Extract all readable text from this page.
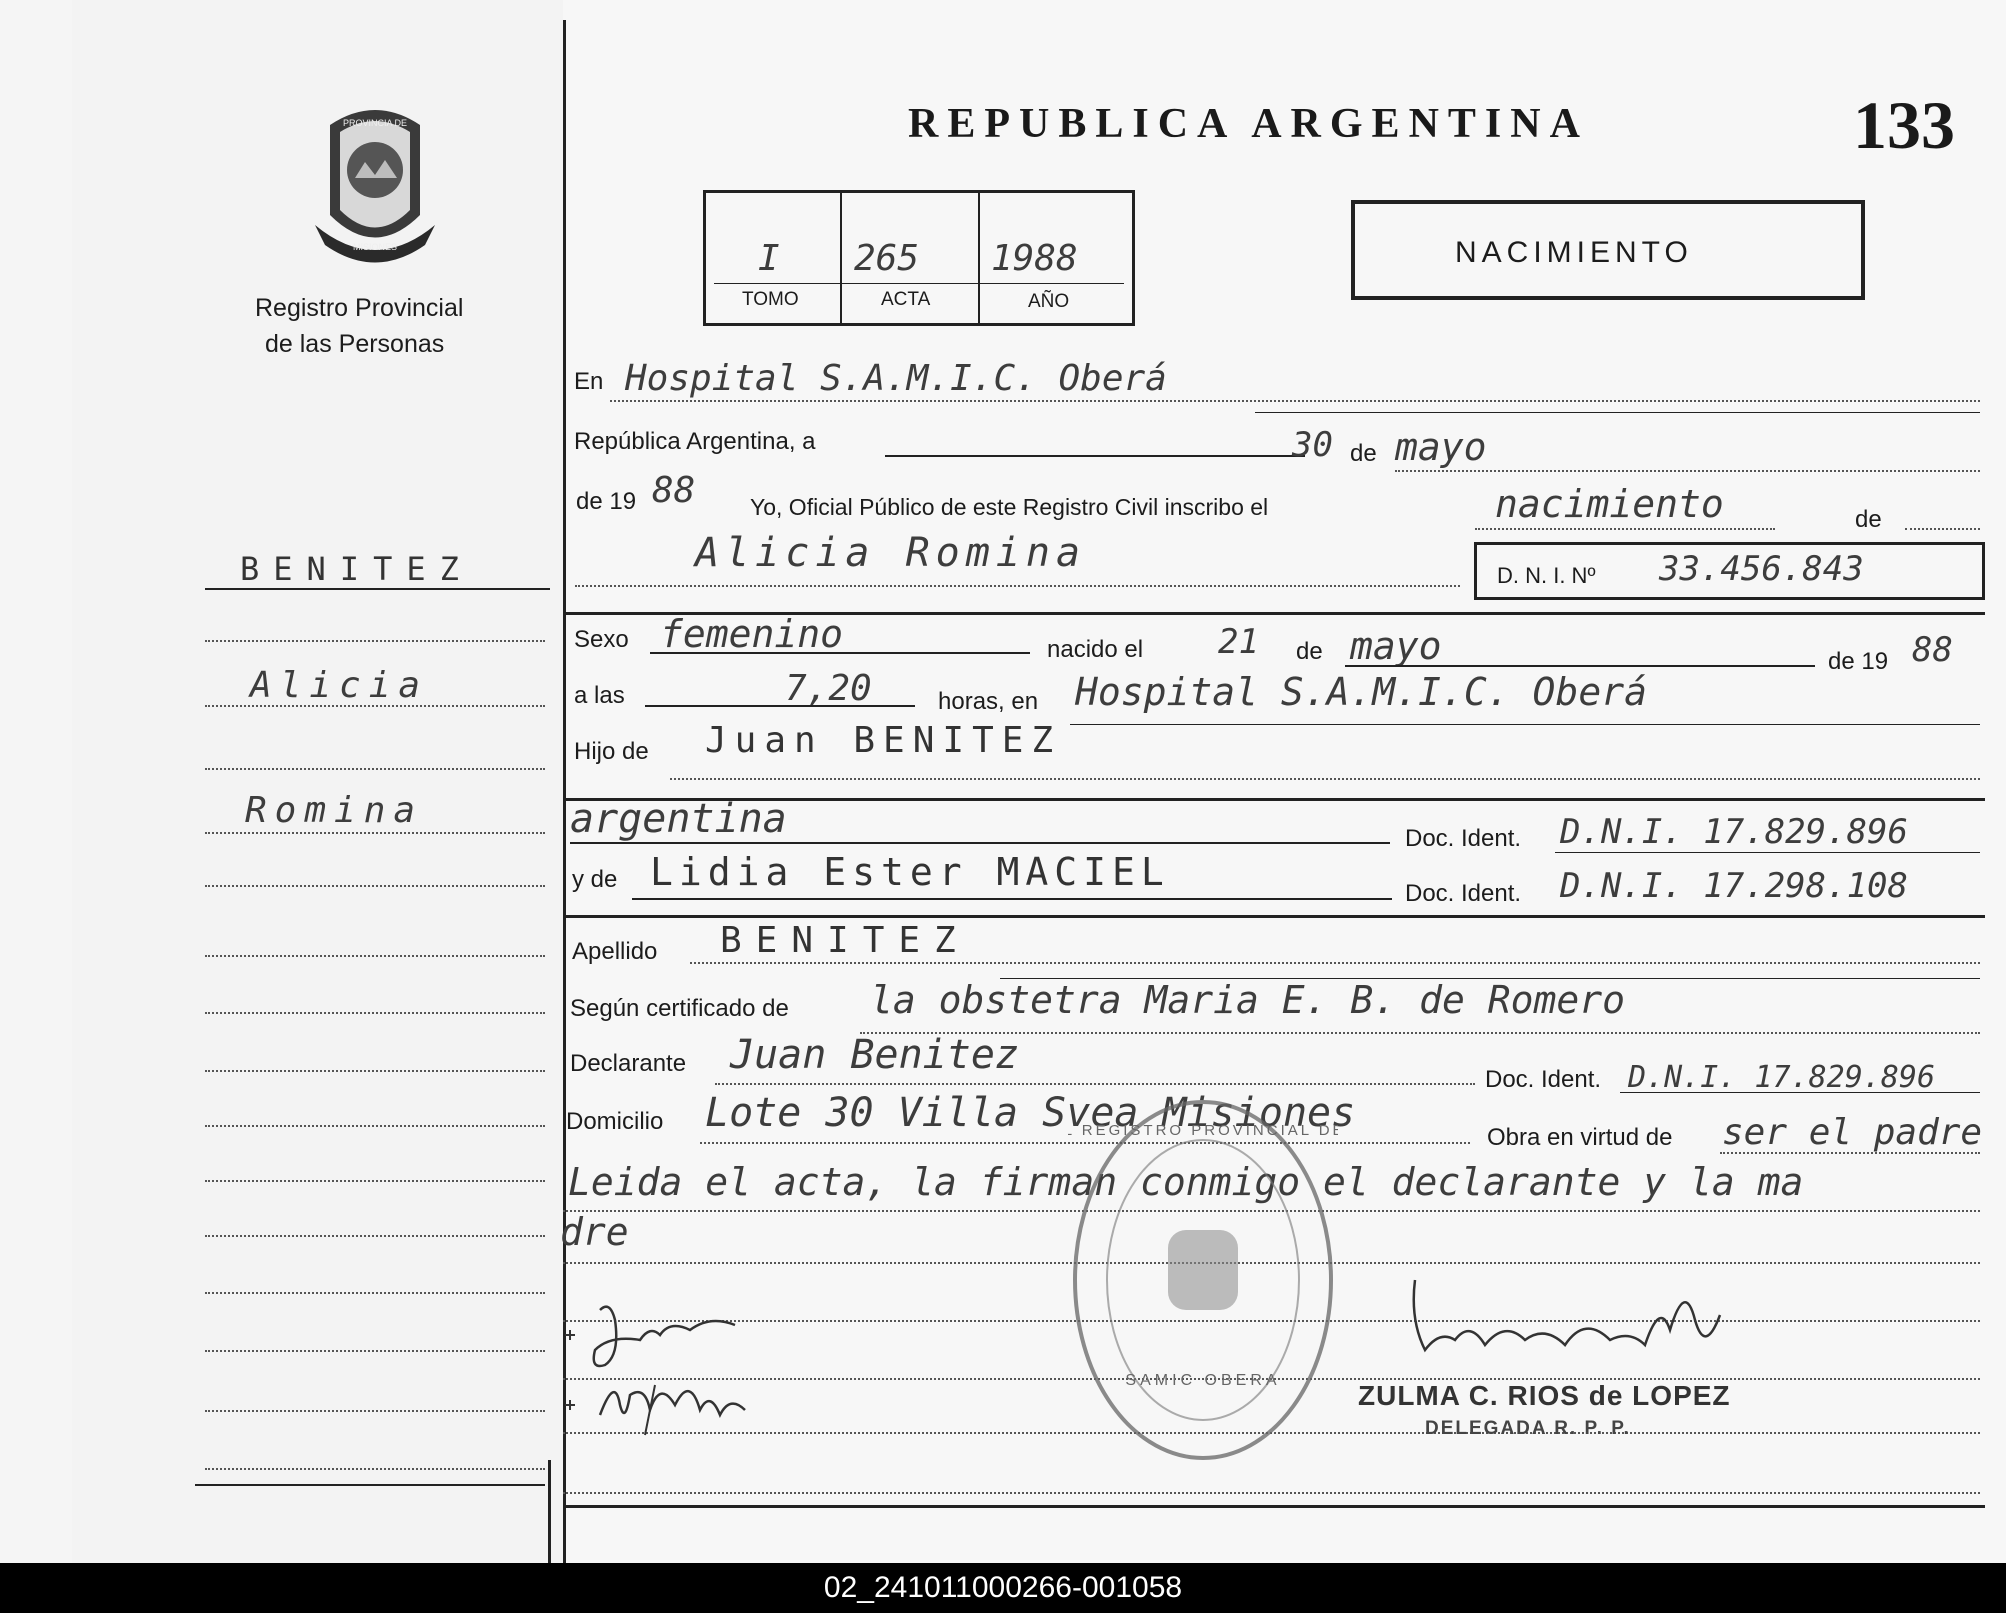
PROVINCIA DE
MISIONES
Registro Provincial
de las Personas
BENITEZ
Alicia
Romina
REPUBLICA ARGENTINA	133
I 265 1988
TOMO	ACTA	AÑO
NACIMIENTO
En Hospital S.A.M.I.C. Oberá
República Argentina, a	30 de mayo
de 19 88 Yo, Oficial Público de este Registro Civil inscribo el	nacimiento	de
Alicia Romina	D. N. I. Nº 33.456.843
Sexo femenino	nacido el 21 de mayo	de 19 88
a las	7,20	horas, en Hospital S.A.M.I.C. Oberá
Hijo de Juan BENITEZ
argentina	Doc. Ident. D.N.I. 17.829.896
y de Lidia Ester MACIEL	Doc. Ident. D.N.I. 17.298.108
Apellido BENITEZ
Según certificado de la obstetra Maria E. B. de Romero
Declarante Juan Benitez
Doc. Ident. D.N.I. 17.829.896
Domicilio Lote 30 Villa Svea Misiones
Obra en virtud de ser el padre
Leida el acta, la firman conmigo el declarante y la ma
dre
REGISTRO PROVINCIAL D
SAMIC OBERA	ZULMA C. RIOS de LOPEZ
DELEGADA R. P. P.
02_241011000266-001058
